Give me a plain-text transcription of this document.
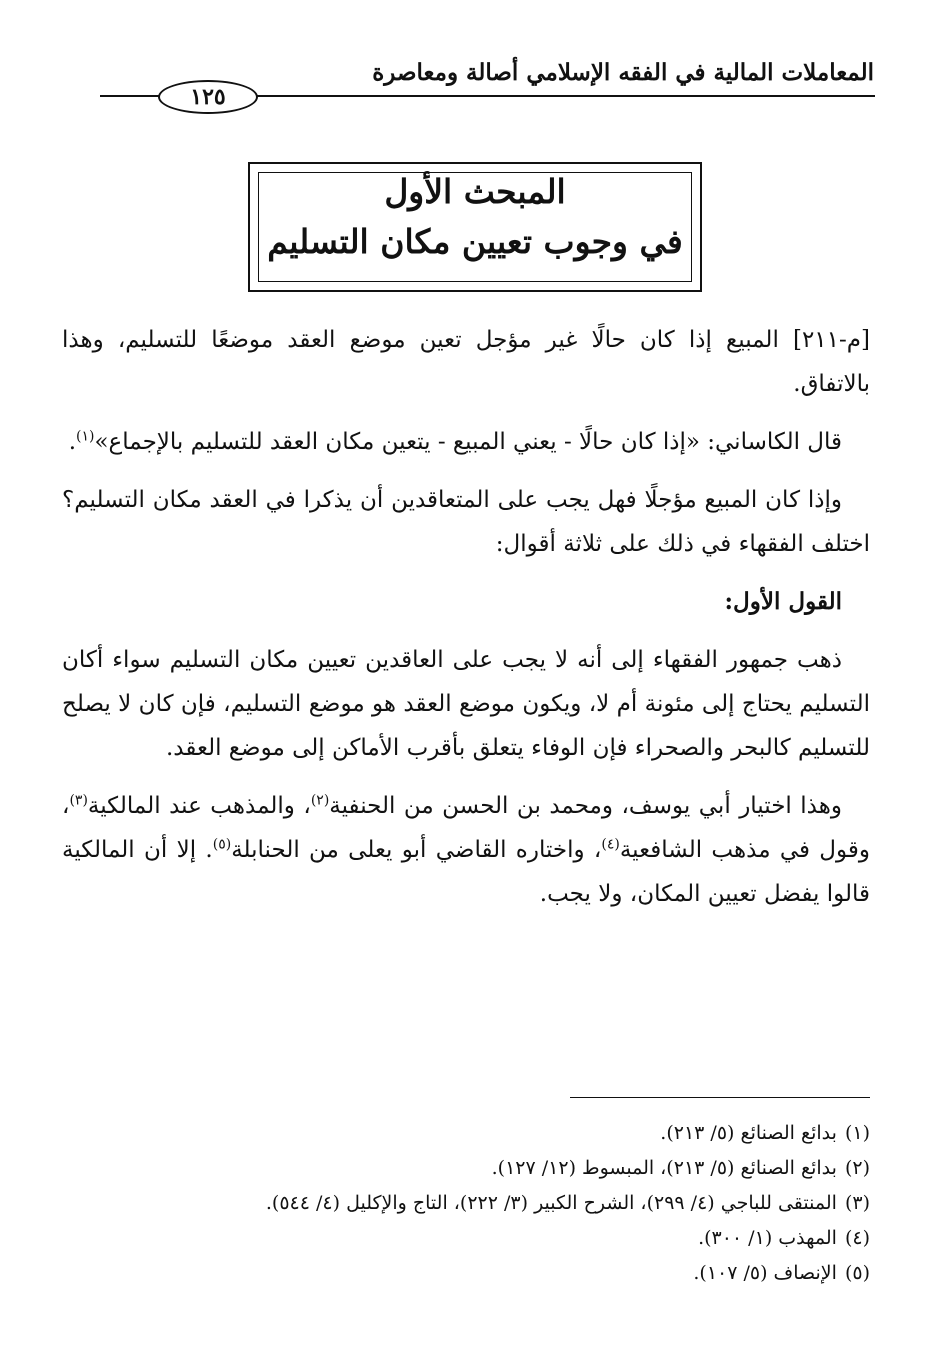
المعاملات المالية في الفقه الإسلامي أصالة ومعاصرة
١٢٥
المبحث الأول
في وجوب تعيين مكان التسليم

[م-٢١١] المبيع إذا كان حالًا غير مؤجل تعين موضع العقد موضعًا للتسليم، وهذا بالاتفاق.

قال الكاساني: «إذا كان حالًا - يعني المبيع - يتعين مكان العقد للتسليم بالإجماع»$^{(١)}$.

وإذا كان المبيع مؤجلًا فهل يجب على المتعاقدين أن يذكرا في العقد مكان التسليم؟ اختلف الفقهاء في ذلك على ثلاثة أقوال:

القول الأول:

ذهب جمهور الفقهاء إلى أنه لا يجب على العاقدين تعيين مكان التسليم سواء أكان التسليم يحتاج إلى مئونة أم لا، ويكون موضع العقد هو موضع التسليم، فإن كان لا يصلح للتسليم كالبحر والصحراء فإن الوفاء يتعلق بأقرب الأماكن إلى موضع العقد.

وهذا اختيار أبي يوسف، ومحمد بن الحسن من الحنفية$^{(٢)}$، والمذهب عند المالكية$^{(٣)}$، وقول في مذهب الشافعية$^{(٤)}$، واختاره القاضي أبو يعلى من الحنابلة$^{(٥)}$. إلا أن المالكية قالوا يفضل تعيين المكان، ولا يجب.

(١)بدائع الصنائع (٥/ ٢١٣).

(٢)بدائع الصنائع (٥/ ٢١٣)، المبسوط (١٢/ ١٢٧).

(٣)المنتقى للباجي (٤/ ٢٩٩)، الشرح الكبير (٣/ ٢٢٢)، التاج والإكليل (٤/ ٥٤٤).

(٤)المهذب (١/ ٣٠٠).

(٥)الإنصاف (٥/ ١٠٧).
